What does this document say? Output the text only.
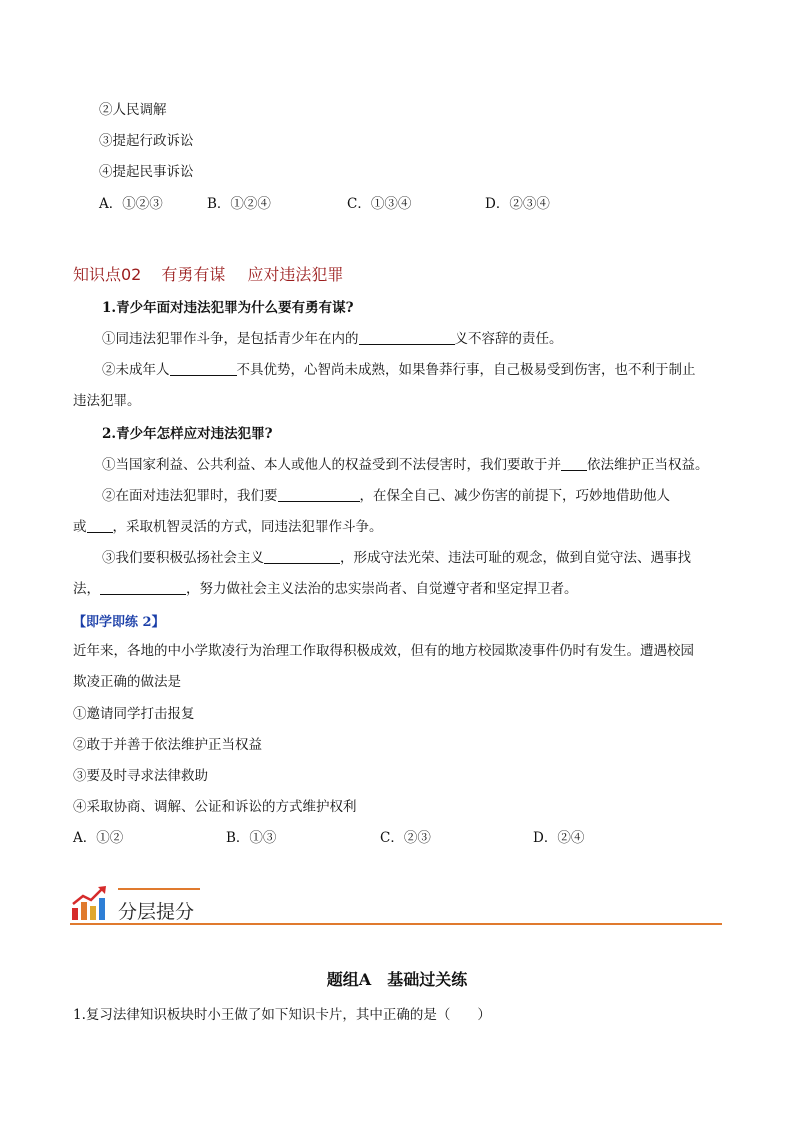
②人民调解
③提起行政诉讼
④提起民事诉讼
A．①②③	B．①②④	C．①③④	D．②③④
知识点02 有勇有谋 应对违法犯罪
1.青少年面对违法犯罪为什么要有勇有谋?
①同违法犯罪作斗争，是包括青少年在内的	义不容辞的责任。
②未成年人	不具优势，心智尚未成熟，如果鲁莽行事，自己极易受到伤害，也不利于制止
违法犯罪。
2.青少年怎样应对违法犯罪?
①当国家利益、公共利益、本人或他人的权益受到不法侵害时，我们要敢于并 依法维护正当权益。
②在面对违法犯罪时，我们要	，在保全自己、减少伤害的前提下，巧妙地借助他人
或 ，采取机智灵活的方式，同违法犯罪作斗争。
③我们要积极弘扬社会主义	，形成守法光荣、违法可耻的观念，做到自觉守法、遇事找
法，	，努力做社会主义法治的忠实崇尚者、自觉遵守者和坚定捍卫者。
【即学即练 2】
近年来，各地的中小学欺凌行为治理工作取得积极成效，但有的地方校园欺凌事件仍时有发生。遭遇校园
欺凌正确的做法是
①邀请同学打击报复
②敢于并善于依法维护正当权益
③要及时寻求法律救助
④采取协商、调解、公证和诉讼的方式维护权利
A．①②	B．①③	C．②③	D．②④
分层提分
题组A　基础过关练
1.复习法律知识板块时小王做了如下知识卡片，其中正确的是（　　）
